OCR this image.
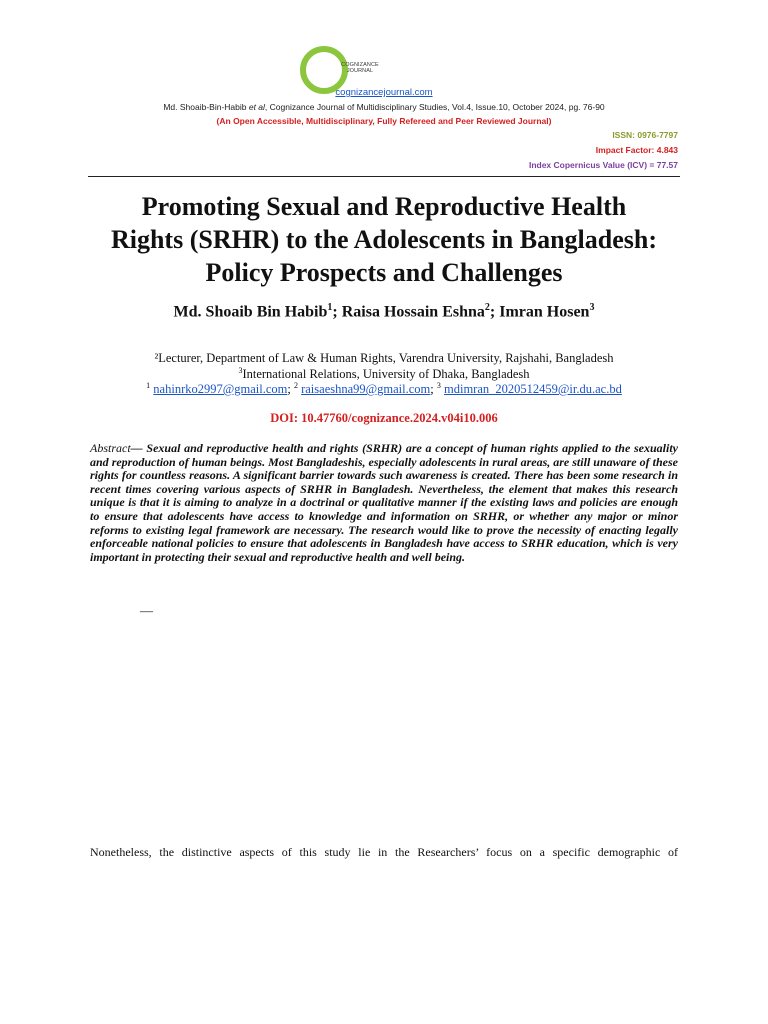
COGNIZANCE JOURNAL
cognizancejournal.com
Md. Shoaib-Bin-Habib et al, Cognizance Journal of Multidisciplinary Studies, Vol.4, Issue.10, October 2024, pg. 76-90
(An Open Accessible, Multidisciplinary, Fully Refereed and Peer Reviewed Journal)
ISSN: 0976-7797
Impact Factor: 4.843
Index Copernicus Value (ICV) = 77.57
Promoting Sexual and Reproductive Health
Rights (SRHR) to the Adolescents in Bangladesh:
Policy Prospects and Challenges
Md. Shoaib Bin Habib$^1$; Raisa Hossain Eshna$^2$; Imran Hosen$^3$
²Lecturer, Department of Law & Human Rights, Varendra University, Rajshahi, Bangladesh
$^3$International Relations, University of Dhaka, Bangladesh
$^1$ nahinrko2997@gmail.com; $^2$ raisaeshna99@gmail.com; $^3$ mdimran_2020512459@ir.du.ac.bd
DOI: 10.47760/cognizance.2024.v04i10.006
Abstract— Sexual and reproductive health and rights (SRHR) are a concept of human rights applied to the sexuality and reproduction of human beings. Most Bangladeshis, especially adolescents in rural areas, are still unaware of these rights for countless reasons. A significant barrier towards such awareness is created. There has been some research in recent times covering various aspects of SRHR in Bangladesh. Nevertheless, the element that makes this research unique is that it is aiming to analyze in a doctrinal or qualitative manner if the existing laws and policies are enough to ensure that adolescents have access to knowledge and information on SRHR, or whether any major or minor reforms to existing legal framework are necessary. The research would like to prove the necessity of enacting legally enforceable national policies to ensure that adolescents in Bangladesh have access to SRHR education, which is very important in protecting their sexual and reproductive health and well being.
—
Nonetheless, the distinctive aspects of this study lie in the Researchers’ focus on a specific demographic of
